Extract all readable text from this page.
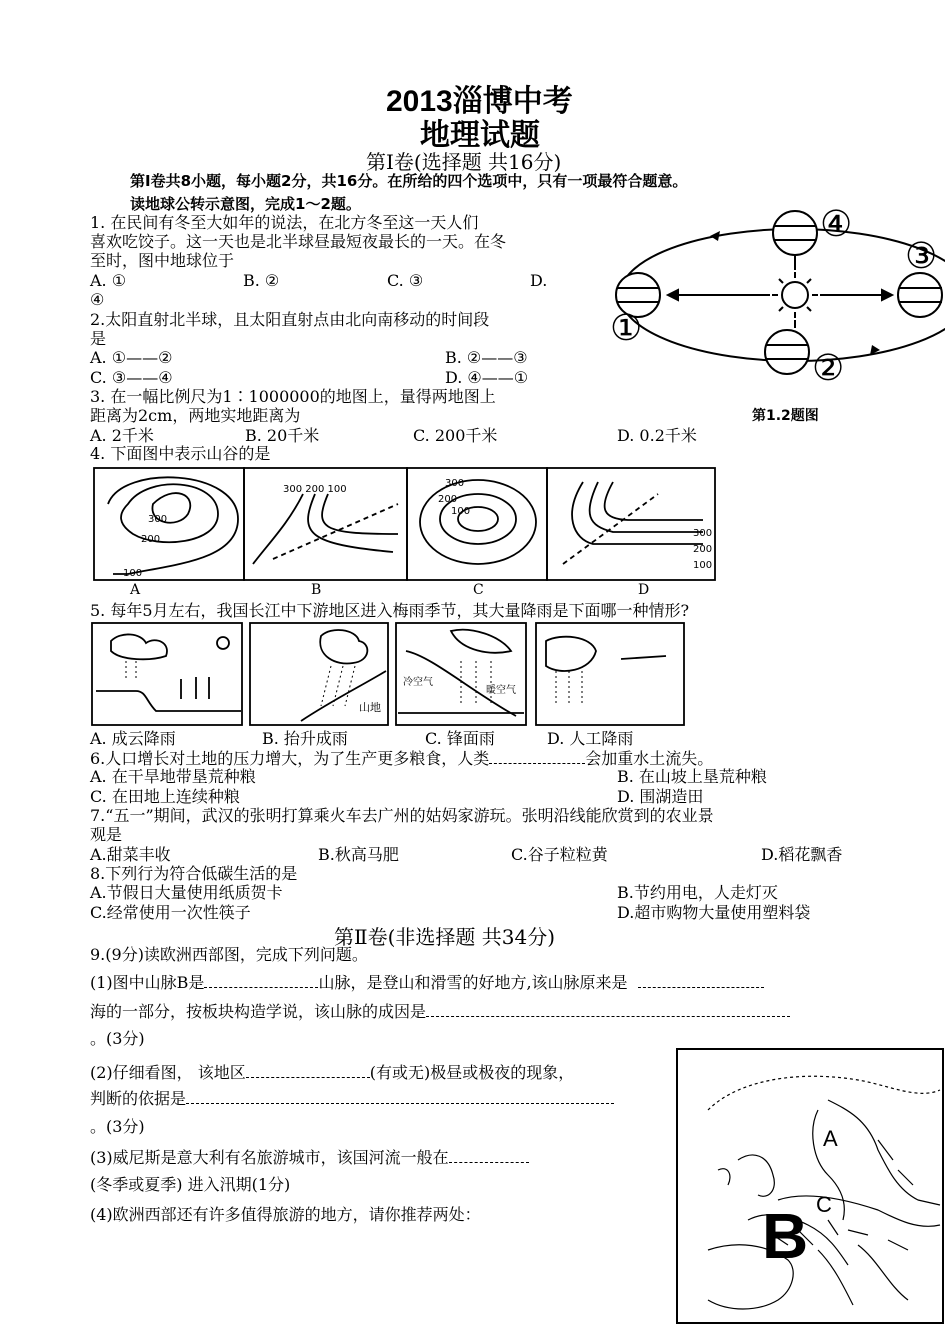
2013淄博中考
地理试题
第Ⅰ卷(选择题 共16分)
第Ⅰ卷共8小题，每小题2分，共16分。在所给的四个选项中，只有一项最符合题意。
读地球公转示意图，完成1～2题。
1. 在民间有冬至大如年的说法，在北方冬至这一天人们
喜欢吃饺子。这一天也是北半球昼最短夜最长的一天。在冬
至时，图中地球位于
A. ①	B. ②	C. ③	D.
④
2.太阳直射北半球，且太阳直射点由北向南移动的时间段
是
A. ①——②	B. ②——③
C. ③——④	D. ④——①
3. 在一幅比例尺为1∶1000000的地图上，量得两地图上
距离为2cm，两地实地距离为
A. 2千米	B. 20千米	C. 200千米	D. 0.2千米
①
②
③
④
第1.2题图
4. 下面图中表示山谷的是
300
200
100
300 200 100
300
200
100
300
200
100
A	B	C	D
5. 每年5月左右，我国长江中下游地区进入梅雨季节，其大量降雨是下面哪一种情形?
山地
冷空气
暖空气
A. 成云降雨	B. 抬升成雨	C. 锋面雨	D. 人工降雨
6.人口增长对土地的压力增大，为了生产更多粮食，人类	会加重水土流失。
A. 在干旱地带垦荒种粮	B. 在山坡上垦荒种粮
C. 在田地上连续种粮	D. 围湖造田
7.“五一”期间，武汉的张明打算乘火车去广州的姑妈家游玩。张明沿线能欣赏到的农业景
观是
A.甜菜丰收	B.秋高马肥	C.谷子粒粒黄	D.稻花飘香
8.下列行为符合低碳生活的是
A.节假日大量使用纸质贺卡	B.节约用电，人走灯灭
C.经常使用一次性筷子	D.超市购物大量使用塑料袋
第Ⅱ卷(非选择题 共34分)
9.(9分)读欧洲西部图，完成下列问题。
(1)图中山脉B是	山脉，是登山和滑雪的好地方,该山脉原来是
海的一部分，按板块构造学说，该山脉的成因是
。(3分)
(2)仔细看图， 该地区	(有或无)极昼或极夜的现象，
判断的依据是
。(3分)
(3)威尼斯是意大利有名旅游城市，该国河流一般在
(冬季或夏季) 进入汛期(1分)
(4)欧洲西部还有许多值得旅游的地方，请你推荐两处：
A
B C
